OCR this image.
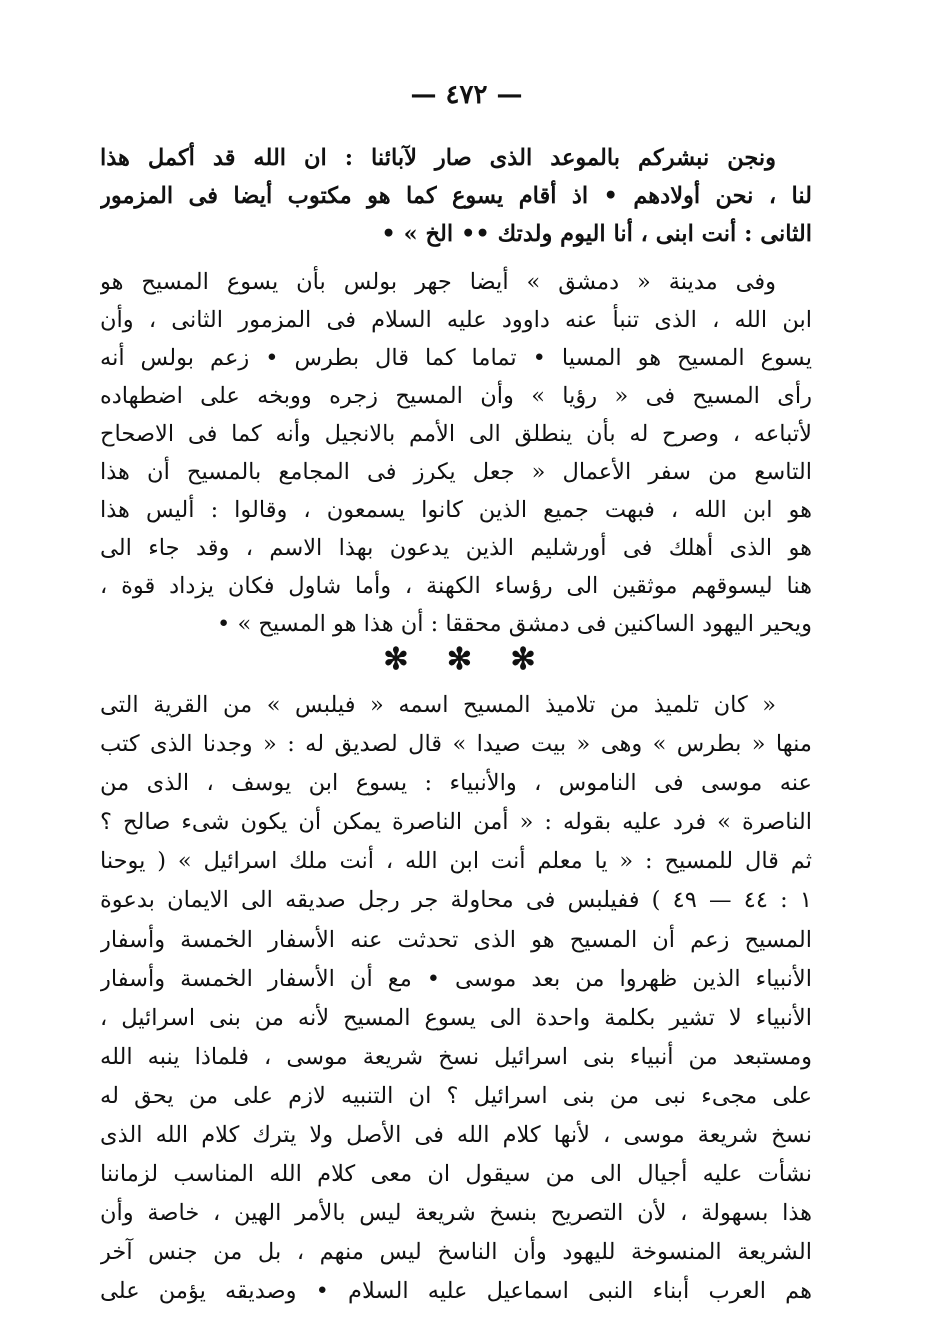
— ٤٧٢ —
ونجن نبشركم بالموعد الذى صار لآبائنا : ان الله قد أكمل هذا
لنا ، نحن أولادهم • اذ أقام يسوع كما هو مكتوب أيضا فى المزمور
الثانى : أنت ابنى ، أنا اليوم ولدتك •• الخ » •
وفى مدينة « دمشق » أيضا جهر بولس بأن يسوع المسيح هو
ابن الله ، الذى تنبأ عنه داوود عليه السلام فى المزمور الثانى ، وأن
يسوع المسيح هو المسيا • تماما كما قال بطرس • زعم بولس أنه
رأى المسيح فى « رؤيا » وأن المسيح زجره ووبخه على اضطهاده
لأتباعه ، وصرح له بأن ينطلق الى الأمم بالانجيل وأنه كما فى الاصحاح
التاسع من سفر الأعمال « جعل يكرز فى المجامع بالمسيح أن هذا
هو ابن الله ، فبهت جميع الذين كانوا يسمعون ، وقالوا : أليس هذا
هو الذى أهلك فى أورشليم الذين يدعون بهذا الاسم ، وقد جاء الى
هنا ليسوقهم موثقين الى رؤساء الكهنة ، وأما شاول فكان يزداد قوة ،
ويحير اليهود الساكنين فى دمشق محققا : أن هذا هو المسيح » •
✻ ✻ ✻
« كان تلميذ من تلاميذ المسيح اسمه « فيلبس » من القرية التى
منها « بطرس » وهى « بيت صيدا » قال لصديق له : « وجدنا الذى كتب
عنه موسى فى الناموس ، والأنبياء : يسوع ابن يوسف ، الذى من
الناصرة » فرد عليه بقوله : « أمن الناصرة يمكن أن يكون شىء صالح ؟
ثم قال للمسيح : « يا معلم أنت ابن الله ، أنت ملك اسرائيل » ( يوحنا
١ : ٤٤ — ٤٩ ) ففيلبس فى محاولة جر رجل صديقه الى الايمان بدعوة
المسيح زعم أن المسيح هو الذى تحدثت عنه الأسفار الخمسة وأسفار
الأنبياء الذين ظهروا من بعد موسى • مع أن الأسفار الخمسة وأسفار
الأنبياء لا تشير بكلمة واحدة الى يسوع المسيح لأنه من بنى اسرائيل ،
ومستبعد من أنبياء بنى اسرائيل نسخ شريعة موسى ، فلماذا ينبه الله
على مجىء نبى من بنى اسرائيل ؟ ان التنبيه لازم على من يحق له
نسخ شريعة موسى ، لأنها كلام الله فى الأصل ولا يترك كلام الله الذى
نشأت عليه أجيال الى من سيقول ان معى كلام الله المناسب لزماننا
هذا بسهولة ، لأن التصريح بنسخ شريعة ليس بالأمر الهين ، خاصة وأن
الشريعة المنسوخة لليهود وأن الناسخ ليس منهم ، بل من جنس آخر
هم العرب أبناء النبى اسماعيل عليه السلام • وصديقه يؤمن على
